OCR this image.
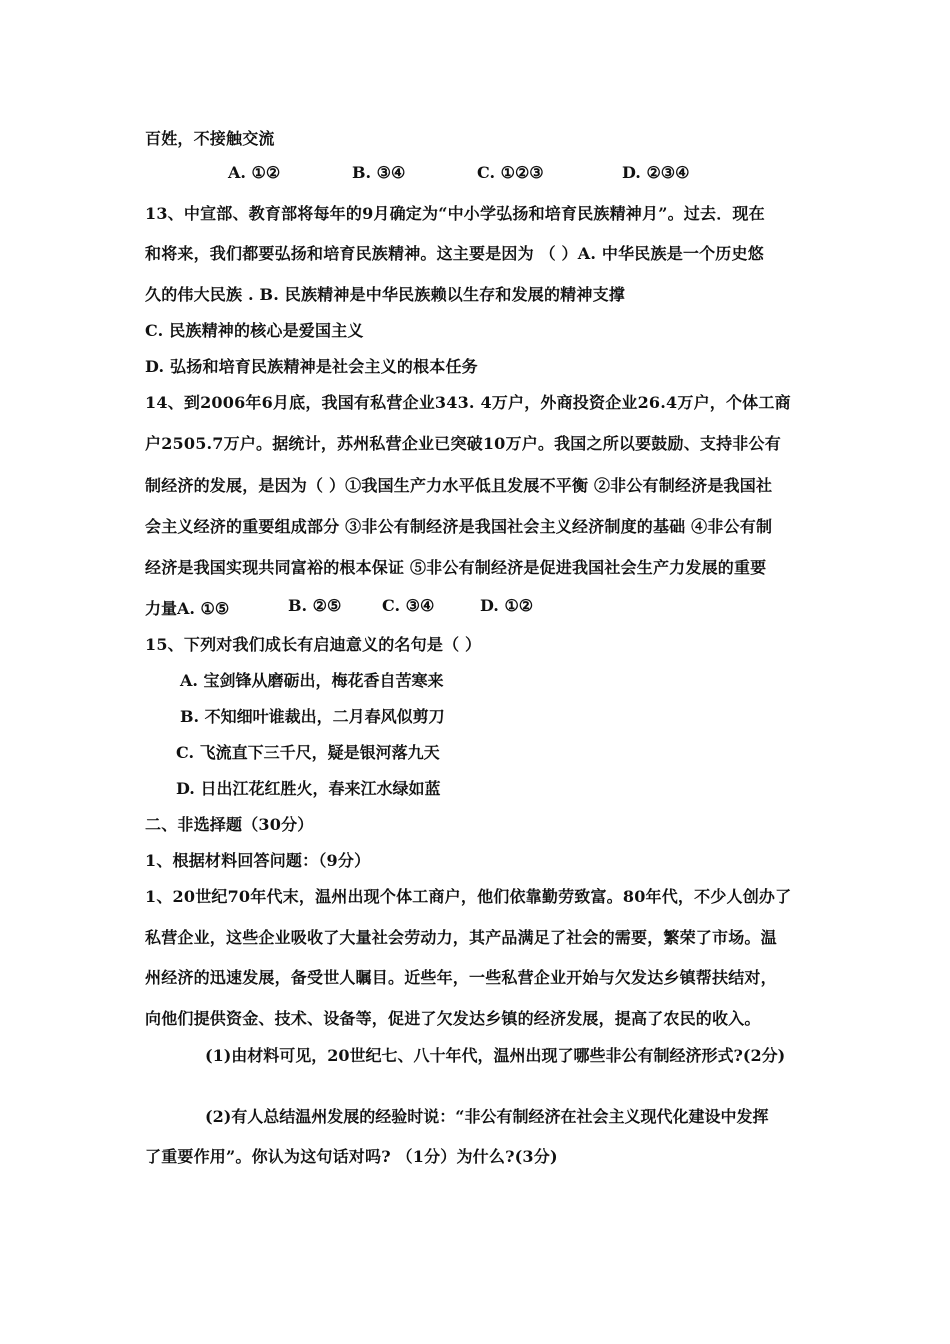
百姓，不接触交流
A. ①②	B. ③④	C. ①②③	D. ②③④
13、中宣部、教育部将每年的9月确定为“中小学弘扬和培育民族精神月”。过去．现在
和将来，我们都要弘扬和培育民族精神。这主要是因为 （ ）A. 中华民族是一个历史悠
久的伟大民族 . B. 民族精神是中华民族赖以生存和发展的精神支撑
C. 民族精神的核心是爱国主义
D. 弘扬和培育民族精神是社会主义的根本任务
14、到2006年6月底，我国有私营企业343. 4万户，外商投资企业26.4万户，个体工商
户2505.7万户。据统计，苏州私营企业已突破10万户。我国之所以要鼓励、支持非公有
制经济的发展，是因为（ ）①我国生产力水平低且发展不平衡 ②非公有制经济是我国社
会主义经济的重要组成部分 ③非公有制经济是我国社会主义经济制度的基础 ④非公有制
经济是我国实现共同富裕的根本保证 ⑤非公有制经济是促进我国社会生产力发展的重要
力量A. ①⑤	B. ②⑤	C. ③④	D. ①②
15、下列对我们成长有启迪意义的名句是（ ）
A. 宝剑锋从磨砺出，梅花香自苦寒来
B. 不知细叶谁裁出，二月春风似剪刀
C. 飞流直下三千尺，疑是银河落九天
D. 日出江花红胜火，春来江水绿如蓝
二、非选择题（30分）
1、根据材料回答问题：（9分）
1、20世纪70年代末，温州出现个体工商户，他们依靠勤劳致富。80年代，不少人创办了
私营企业，这些企业吸收了大量社会劳动力，其产品满足了社会的需要，繁荣了市场。温
州经济的迅速发展，备受世人瞩目。近些年，一些私营企业开始与欠发达乡镇帮扶结对，
向他们提供资金、技术、设备等，促进了欠发达乡镇的经济发展，提高了农民的收入。
(1)由材料可见，20世纪七、八十年代，温州出现了哪些非公有制经济形式?(2分)
(2)有人总结温州发展的经验时说：“非公有制经济在社会主义现代化建设中发挥
了重要作用”。你认为这句话对吗? （1分）为什么?(3分)
